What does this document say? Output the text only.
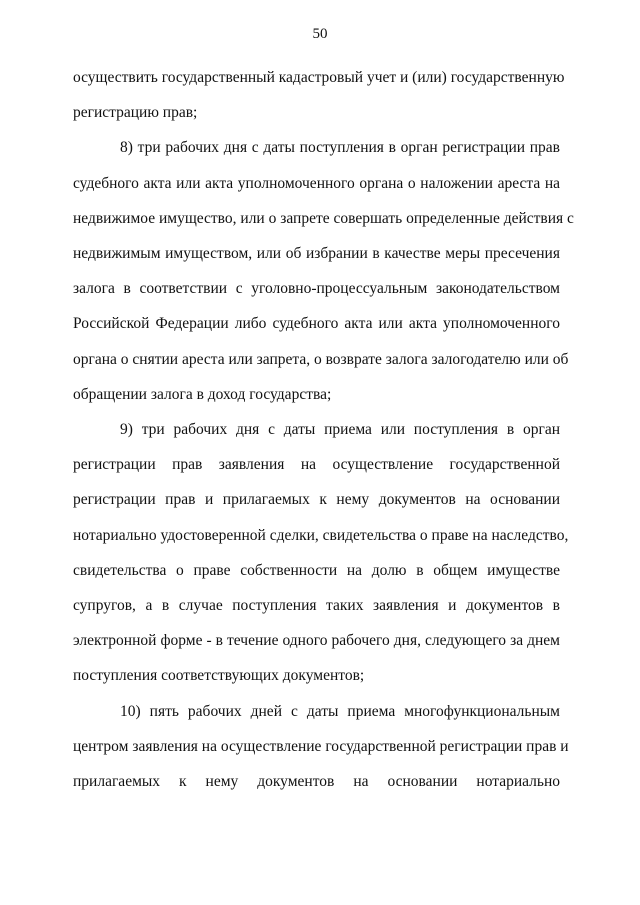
50
осуществить государственный кадастровый учет и (или) государственную
регистрацию прав;
8) три рабочих дня с даты поступления в орган регистрации прав
судебного акта или акта уполномоченного органа о наложении ареста на
недвижимое имущество, или о запрете совершать определенные действия с
недвижимым имуществом, или об избрании в качестве меры пресечения
залога в соответствии с уголовно-процессуальным законодательством
Российской Федерации либо судебного акта или акта уполномоченного
органа о снятии ареста или запрета, о возврате залога залогодателю или об
обращении залога в доход государства;
9) три рабочих дня с даты приема или поступления в орган
регистрации прав заявления на осуществление государственной
регистрации прав и прилагаемых к нему документов на основании
нотариально удостоверенной сделки, свидетельства о праве на наследство,
свидетельства о праве собственности на долю в общем имуществе
супругов, а в случае поступления таких заявления и документов в
электронной форме - в течение одного рабочего дня, следующего за днем
поступления соответствующих документов;
10) пять рабочих дней с даты приема многофункциональным
центром заявления на осуществление государственной регистрации прав и
прилагаемых к нему документов на основании нотариально
